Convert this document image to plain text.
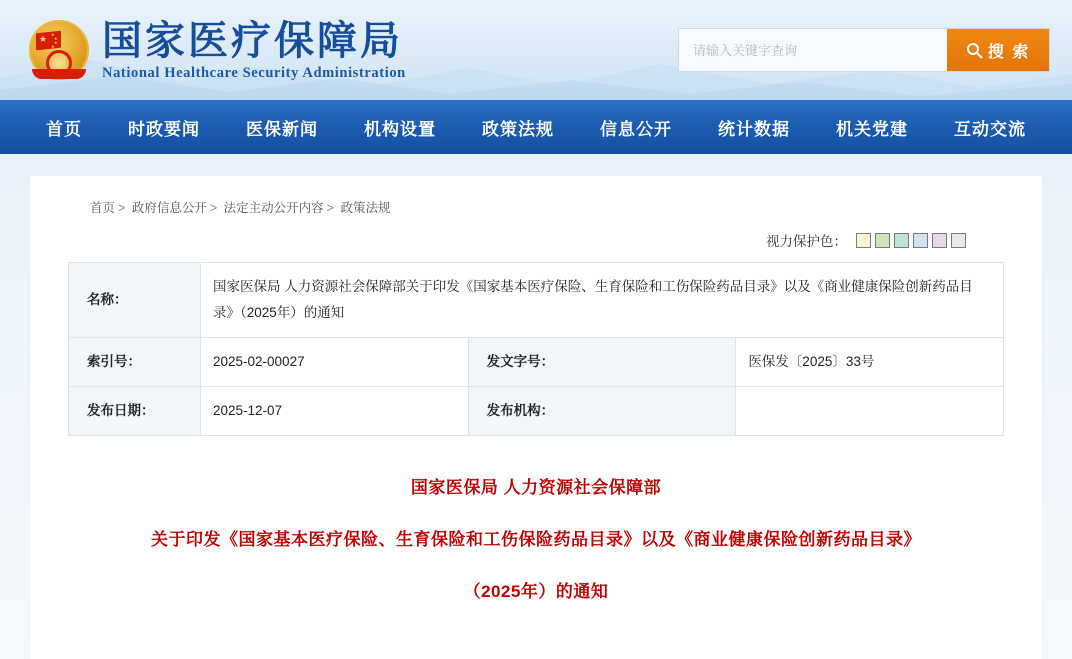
★ ★
★
★
★ 国家医疗保障局
National Healthcare Security Administration
请输入关键字查询
搜 索
首页	时政要闻	医保新闻	机构设置	政策法规	信息公开	统计数据	机关党建	互动交流
首页 > 政府信息公开 > 法定主动公开内容 > 政策法规
视力保护色：
名称：	国家医保局 人力资源社会保障部关于印发《国家基本医疗保险、生育保险和工伤保险药品目录》以及《商业健康保险创新药品目录》（2025年）的通知		
索引号：	2025-02-00027	发文字号：	医保发〔2025〕33号
发布日期：	2025-12-07	发布机构：	
国家医保局 人力资源社会保障部
关于印发《国家基本医疗保险、生育保险和工伤保险药品目录》以及《商业健康保险创新药品目录》
（2025年）的通知
